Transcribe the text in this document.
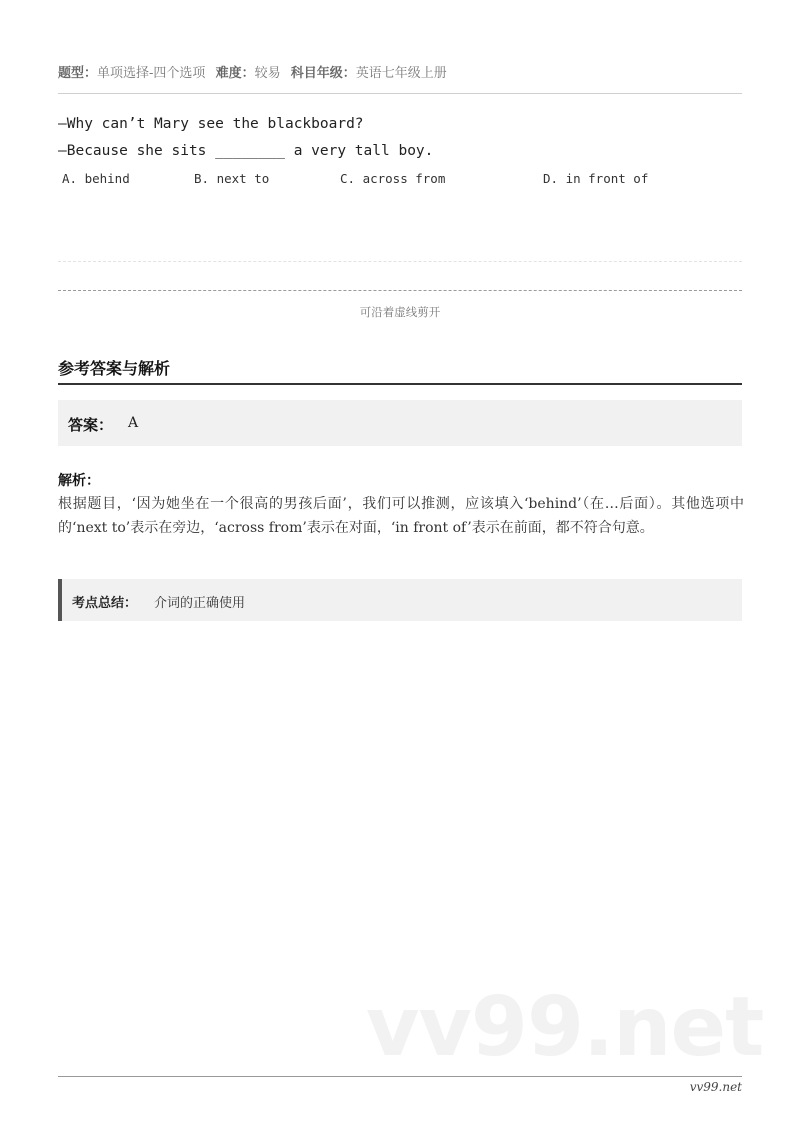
题型：单项选择-四个选项 难度：较易 科目年级：英语七年级上册
—Why can’t Mary see the blackboard?
—Because she sits ________ a very tall boy.
A. behind	B. next to	C. across from	D. in front of
可沿着虚线剪开
参考答案与解析
答案： A
解析：
根据题目，‘因为她坐在一个很高的男孩后面’，我们可以推测，应该填入‘behind’（在…后面）。其他选项中的‘next to’表示在旁边，‘across from’表示在对面，‘in front of’表示在前面，都不符合句意。
考点总结： 介词的正确使用
vv99.net
vv99.net
